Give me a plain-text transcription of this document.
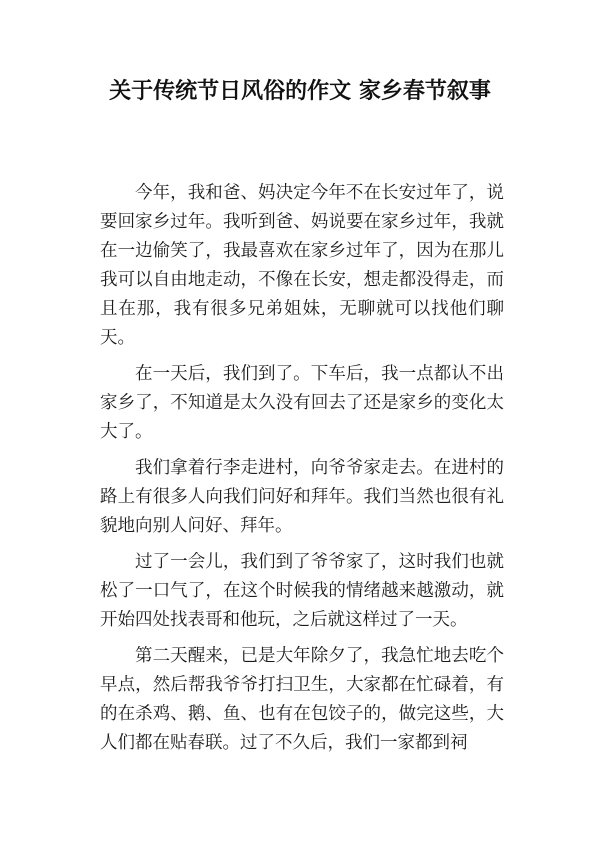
关于传统节日风俗的作文 家乡春节叙事

今年，我和爸、妈决定今年不在长安过年了，说要回家乡过年。我听到爸、妈说要在家乡过年，我就在一边偷笑了，我最喜欢在家乡过年了，因为在那儿我可以自由地走动，不像在长安，想走都没得走，而且在那，我有很多兄弟姐妹，无聊就可以找他们聊天。

在一天后，我们到了。下车后，我一点都认不出家乡了，不知道是太久没有回去了还是家乡的变化太大了。

我们拿着行李走进村，向爷爷家走去。在进村的路上有很多人向我们问好和拜年。我们当然也很有礼貌地向别人问好、拜年。

过了一会儿，我们到了爷爷家了，这时我们也就松了一口气了，在这个时候我的情绪越来越激动，就开始四处找表哥和他玩，之后就这样过了一天。

第二天醒来，已是大年除夕了，我急忙地去吃个早点，然后帮我爷爷打扫卫生，大家都在忙碌着，有的在杀鸡、鹅、鱼、也有在包饺子的，做完这些，大人们都在贴春联。过了不久后，我们一家都到祠
